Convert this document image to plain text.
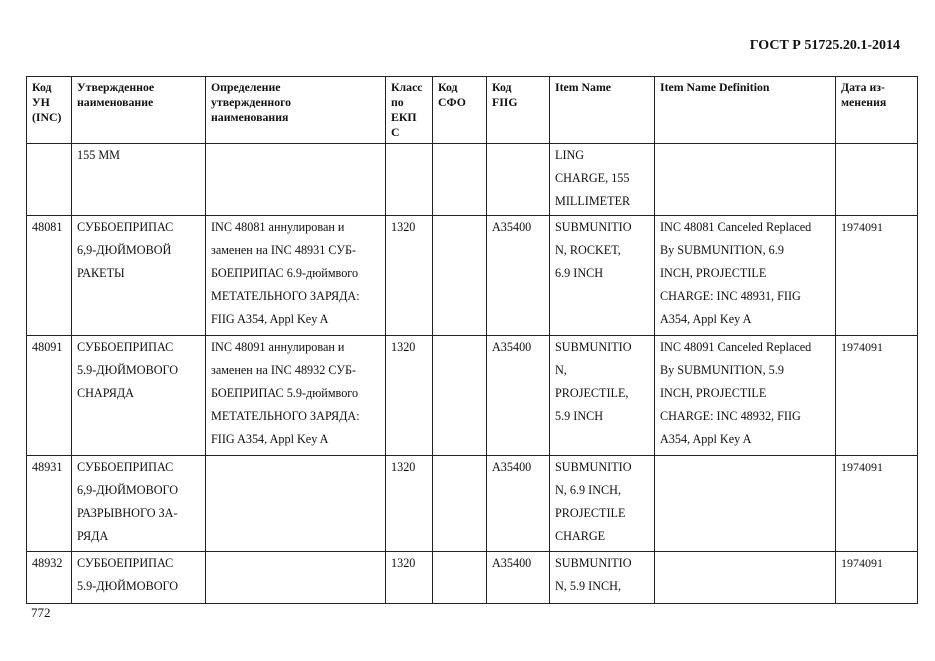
ГОСТ Р 51725.20.1-2014
Код
УН
(INC)	Утвержденное
наименование	Определение
утвержденного
наименования	Класс
по
ЕКП
С	Код
СФО	Код
FIIG	Item Name	Item Name Definition	Дата из-
менения
	155 ММ					LING
CHARGE, 155
MILLIMETER		
48081	СУББОЕПРИПАС
6,9-ДЮЙМОВОЙ
РАКЕТЫ	INC 48081 аннулирован и
заменен на INC 48931 СУБ-
БОЕПРИПАС 6.9-дюймвого
МЕТАТЕЛЬНОГО ЗАРЯДА:
FIIG A354, Appl Key A	1320		A35400	SUBMUNITIO
N, ROCKET,
6.9 INCH	INC 48081 Canceled Replaced
By SUBMUNITION, 6.9
INCH, PROJECTILE
CHARGE: INC 48931, FIIG
A354, Appl Key A	1974091
48091	СУББОЕПРИПАС
5.9-ДЮЙМОВОГО
СНАРЯДА	INC 48091 аннулирован и
заменен на INC 48932 СУБ-
БОЕПРИПАС 5.9-дюймвого
МЕТАТЕЛЬНОГО ЗАРЯДА:
FIIG A354, Appl Key A	1320		A35400	SUBMUNITIO
N,
PROJECTILE,
5.9 INCH	INC 48091 Canceled Replaced
By SUBMUNITION, 5.9
INCH, PROJECTILE
CHARGE: INC 48932, FIIG
A354, Appl Key A	1974091
48931	СУББОЕПРИПАС
6,9-ДЮЙМОВОГО
РАЗРЫВНОГО ЗА-
РЯДА		1320		A35400	SUBMUNITIO
N, 6.9 INCH,
PROJECTILE
CHARGE		1974091
48932	СУББОЕПРИПАС
5.9-ДЮЙМОВОГО		1320		A35400	SUBMUNITIO
N, 5.9 INCH,		1974091
772
